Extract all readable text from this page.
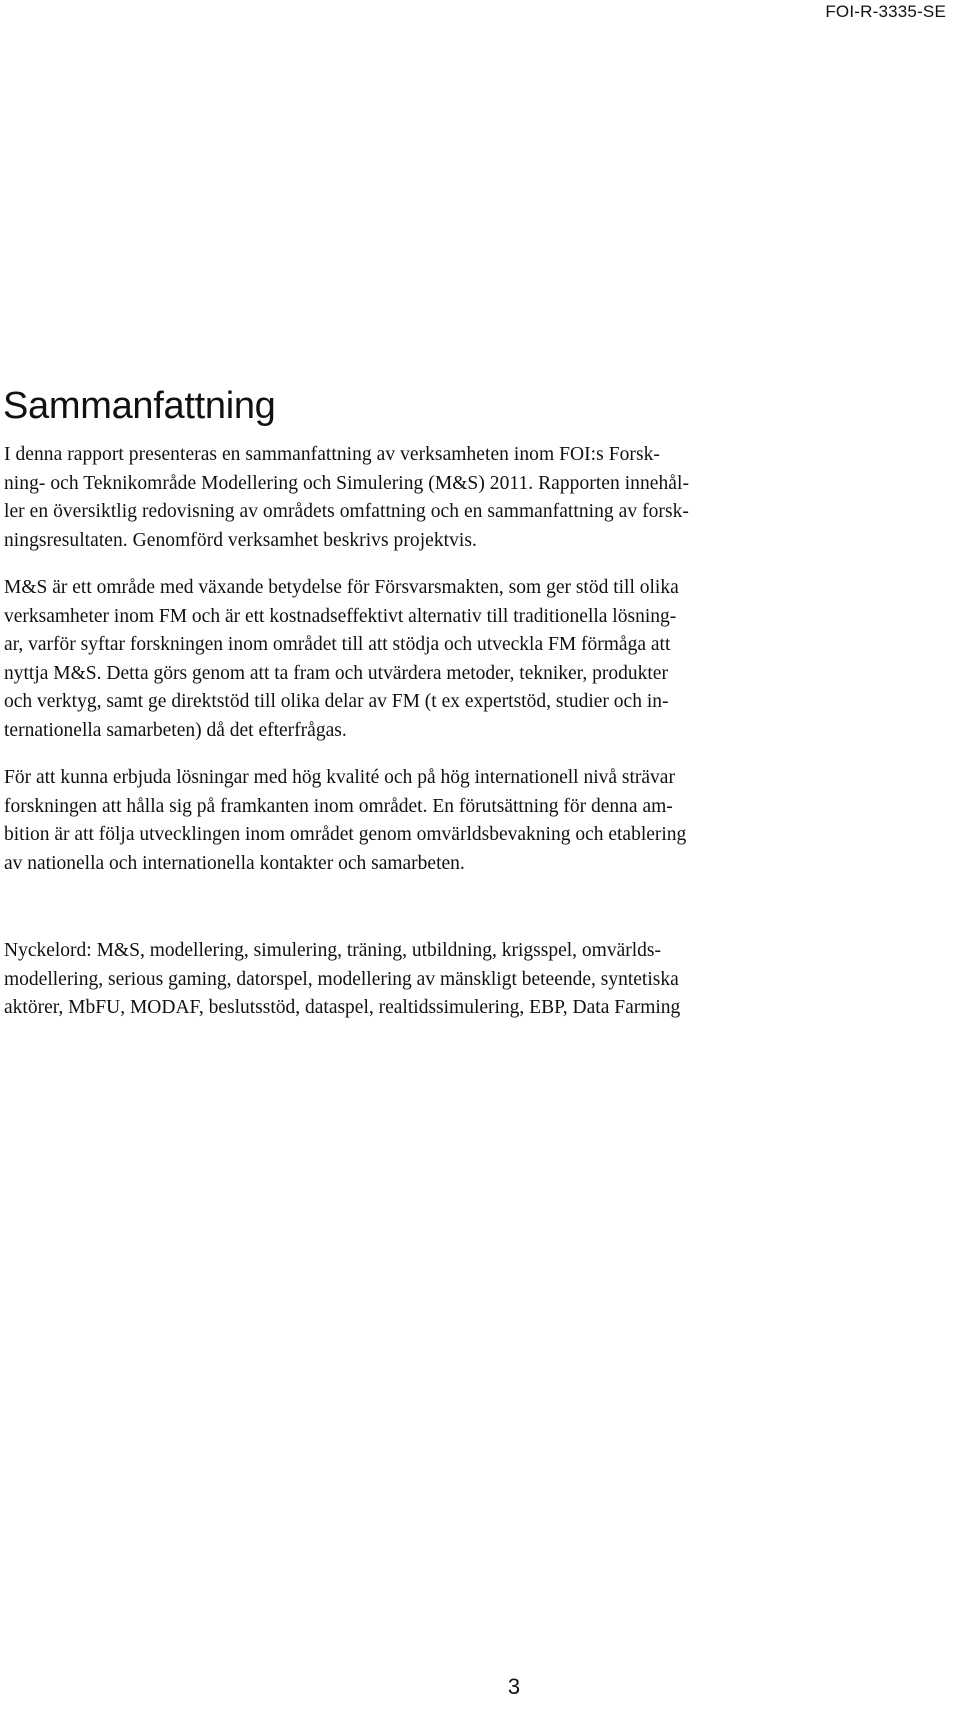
FOI-R-3335-SE
Sammanfattning

I denna rapport presenteras en sammanfattning av verksamheten inom FOI:s Forsk-
ning- och Teknikområde Modellering och Simulering (M&S) 2011. Rapporten innehål-
ler en översiktlig redovisning av områdets omfattning och en sammanfattning av forsk-
ningsresultaten. Genomförd verksamhet beskrivs projektvis.

M&S är ett område med växande betydelse för Försvarsmakten, som ger stöd till olika
verksamheter inom FM och är ett kostnadseffektivt alternativ till traditionella lösning-
ar, varför syftar forskningen inom området till att stödja och utveckla FM förmåga att
nyttja M&S. Detta görs genom att ta fram och utvärdera metoder, tekniker, produkter
och verktyg, samt ge direktstöd till olika delar av FM (t ex expertstöd, studier och in-
ternationella samarbeten) då det efterfrågas.

För att kunna erbjuda lösningar med hög kvalité och på hög internationell nivå strävar
forskningen att hålla sig på framkanten inom området. En förutsättning för denna am-
bition är att följa utvecklingen inom området genom omvärldsbevakning och etablering
av nationella och internationella kontakter och samarbeten.

Nyckelord: M&S, modellering, simulering, träning, utbildning, krigsspel, omvärlds-
modellering, serious gaming, datorspel, modellering av mänskligt beteende, syntetiska
aktörer, MbFU, MODAF, beslutsstöd, dataspel, realtidssimulering, EBP, Data Farming

3
